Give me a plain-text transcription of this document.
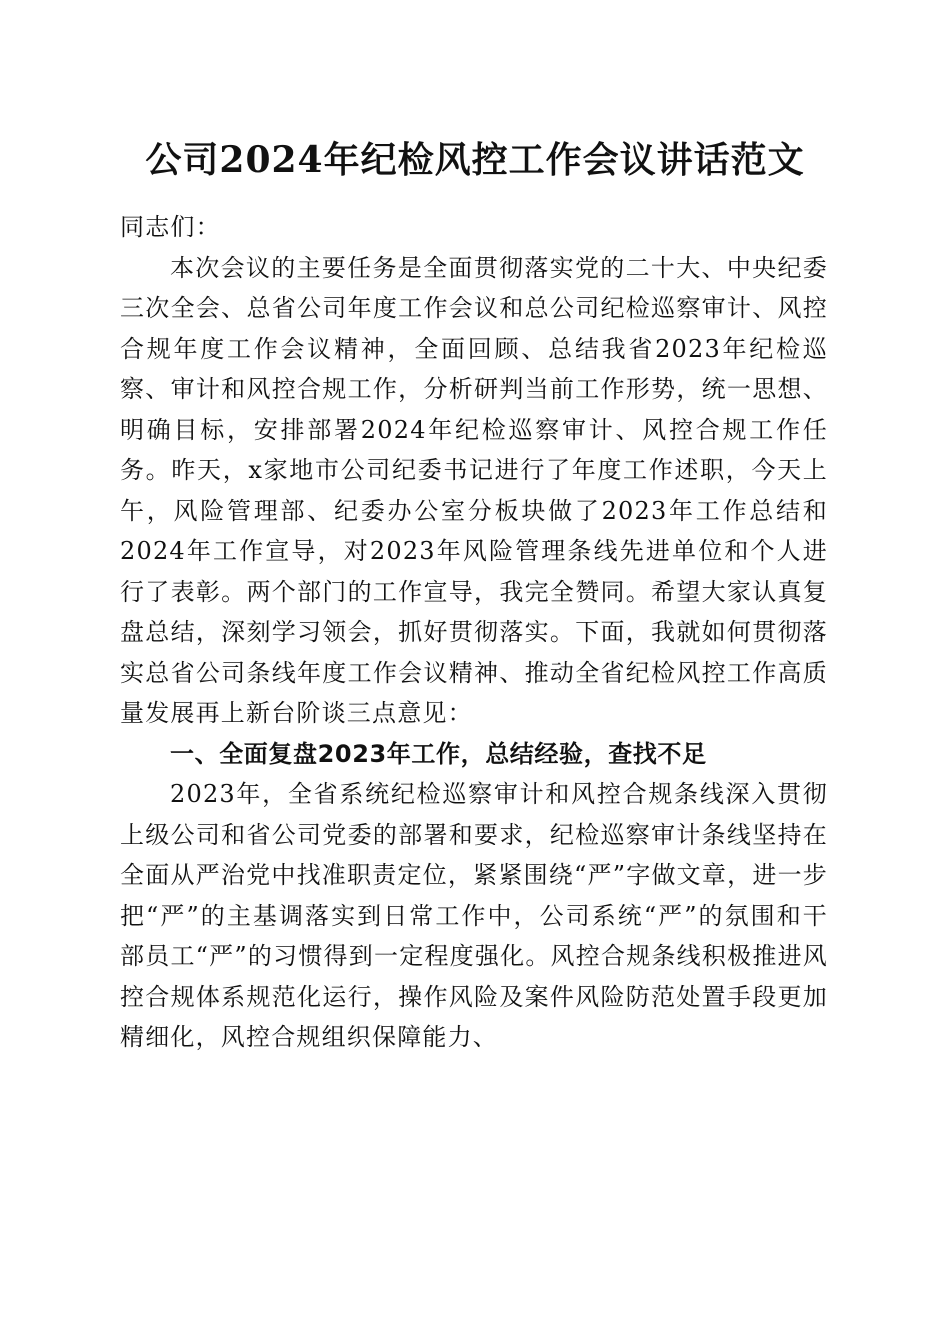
公司2024年纪检风控工作会议讲话范文

同志们：

本次会议的主要任务是全面贯彻落实党的二十大、中央纪委三次全会、总省公司年度工作会议和总公司纪检巡察审计、风控合规年度工作会议精神，全面回顾、总结我省2023年纪检巡察、审计和风控合规工作，分析研判当前工作形势，统一思想、明确目标，安排部署2024年纪检巡察审计、风控合规工作任务。昨天，x家地市公司纪委书记进行了年度工作述职，今天上午，风险管理部、纪委办公室分板块做了2023年工作总结和2024年工作宣导，对2023年风险管理条线先进单位和个人进行了表彰。两个部门的工作宣导，我完全赞同。希望大家认真复盘总结，深刻学习领会，抓好贯彻落实。下面，我就如何贯彻落实总省公司条线年度工作会议精神、推动全省纪检风控工作高质量发展再上新台阶谈三点意见：

一、全面复盘2023年工作，总结经验，查找不足

2023年，全省系统纪检巡察审计和风控合规条线深入贯彻上级公司和省公司党委的部署和要求，纪检巡察审计条线坚持在全面从严治党中找准职责定位，紧紧围绕“严”字做文章，进一步把“严”的主基调落实到日常工作中，公司系统“严”的氛围和干部员工“严”的习惯得到一定程度强化。风控合规条线积极推进风控合规体系规范化运行，操作风险及案件风险防范处置手段更加精细化，风控合规组织保障能力、
